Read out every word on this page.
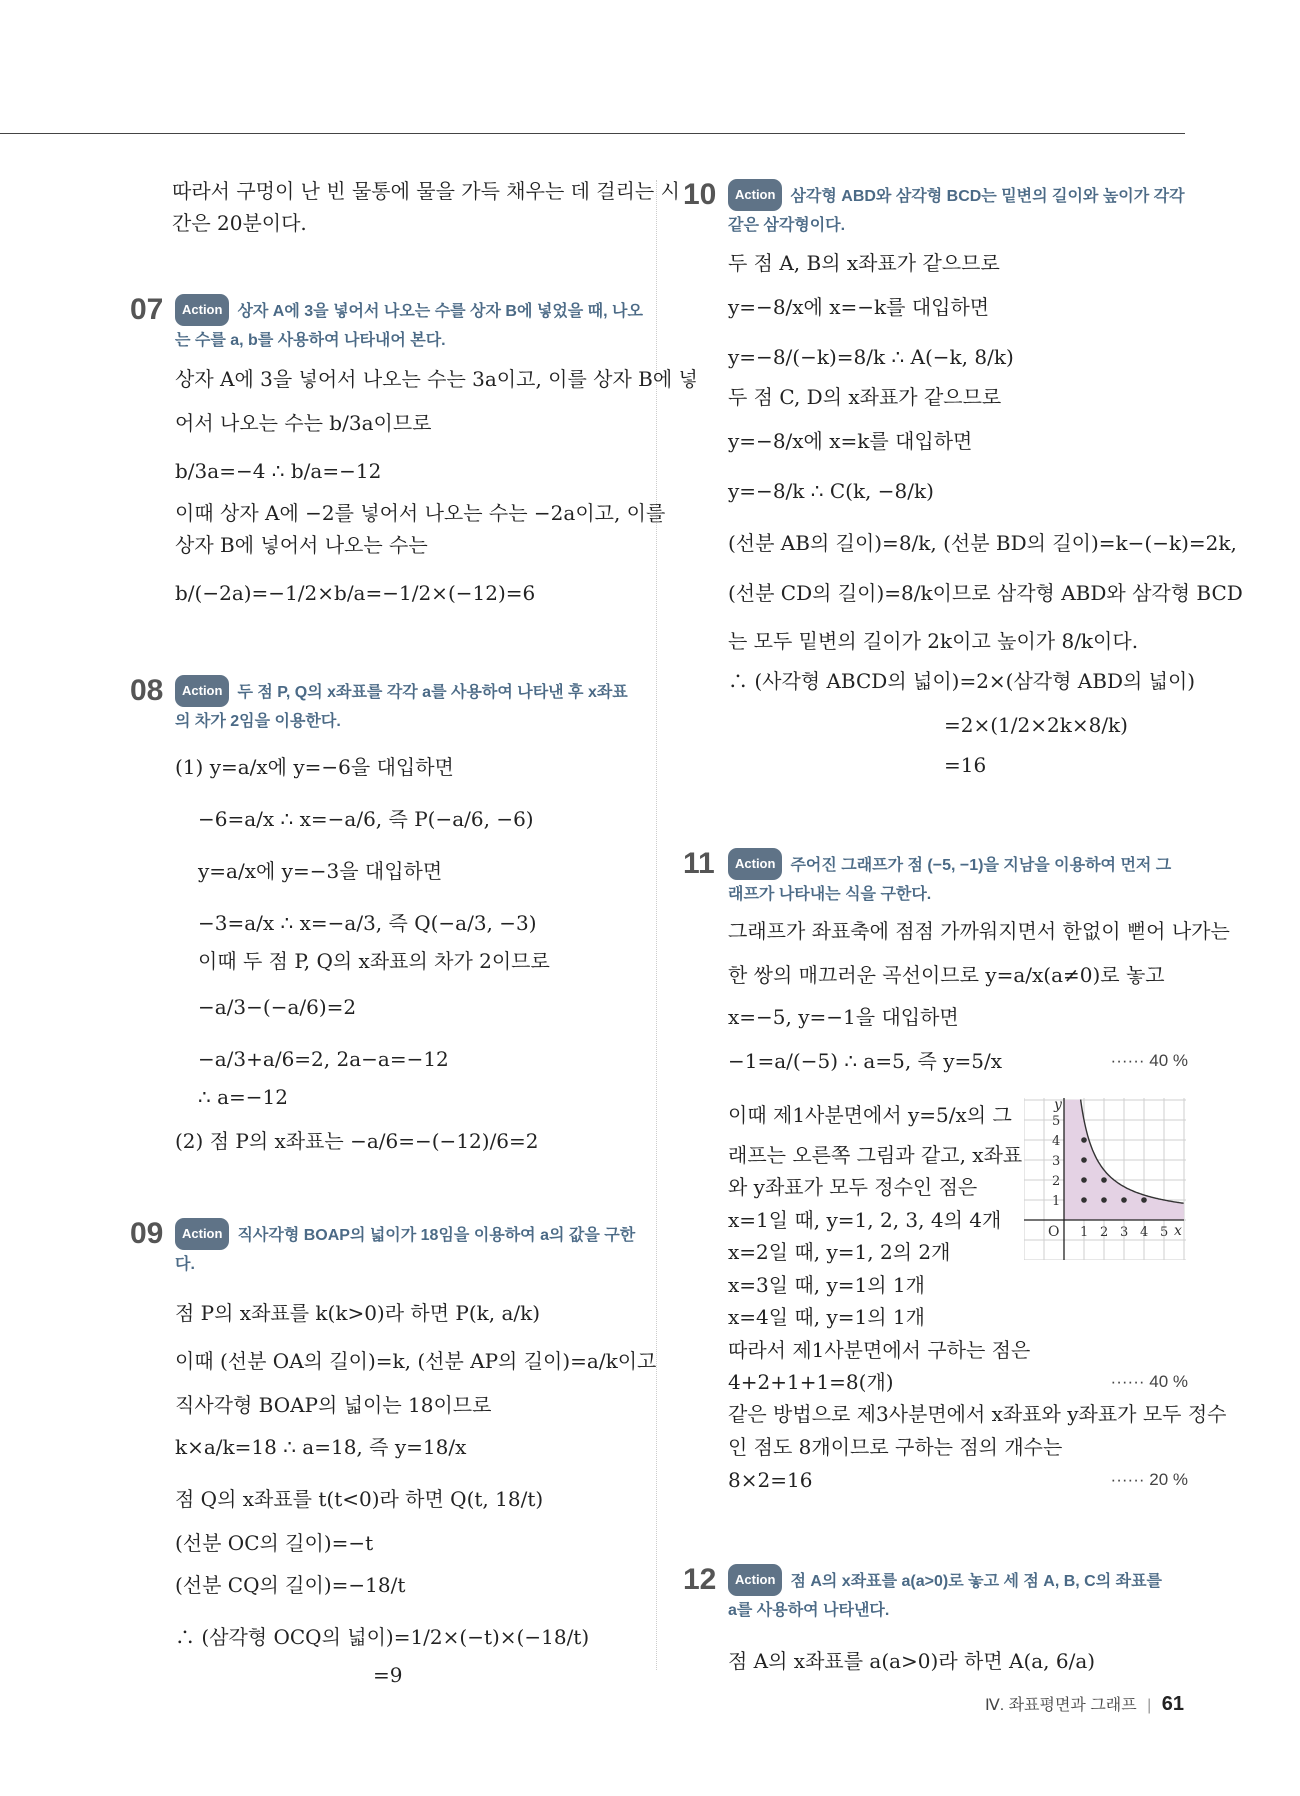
따라서 구멍이 난 빈 물통에 물을 가득 채우는 데 걸리는 시
간은 20분이다.
07	Action 상자 A에 3을 넣어서 나오는 수를 상자 B에 넣었을 때, 나오
는 수를 a, b를 사용하여 나타내어 본다.
상자 A에 3을 넣어서 나오는 수는 3a이고, 이를 상자 B에 넣
어서 나오는 수는 b/3a이므로
b/3a=−4 ∴ b/a=−12
이때 상자 A에 −2를 넣어서 나오는 수는 −2a이고, 이를
상자 B에 넣어서 나오는 수는
b/(−2a)=−1/2×b/a=−1/2×(−12)=6
08	Action 두 점 P, Q의 x좌표를 각각 a를 사용하여 나타낸 후 x좌표
의 차가 2임을 이용한다.
(1) y=a/x에 y=−6을 대입하면
−6=a/x ∴ x=−a/6, 즉 P(−a/6, −6)
y=a/x에 y=−3을 대입하면
−3=a/x ∴ x=−a/3, 즉 Q(−a/3, −3)
이때 두 점 P, Q의 x좌표의 차가 2이므로
−a/3−(−a/6)=2
−a/3+a/6=2, 2a−a=−12
∴ a=−12
(2) 점 P의 x좌표는 −a/6=−(−12)/6=2
09	Action 직사각형 BOAP의 넓이가 18임을 이용하여 a의 값을 구한
다.
점 P의 x좌표를 k(k>0)라 하면 P(k, a/k)
이때 (선분 OA의 길이)=k, (선분 AP의 길이)=a/k이고
직사각형 BOAP의 넓이는 18이므로
k×a/k=18 ∴ a=18, 즉 y=18/x
점 Q의 x좌표를 t(t<0)라 하면 Q(t, 18/t)
(선분 OC의 길이)=−t
(선분 CQ의 길이)=−18/t
∴ (삼각형 OCQ의 넓이)=1/2×(−t)×(−18/t)
=9
10	Action 삼각형 ABD와 삼각형 BCD는 밑변의 길이와 높이가 각각
같은 삼각형이다.
두 점 A, B의 x좌표가 같으므로
y=−8/x에 x=−k를 대입하면
y=−8/(−k)=8/k ∴ A(−k, 8/k)
두 점 C, D의 x좌표가 같으므로
y=−8/x에 x=k를 대입하면
y=−8/k ∴ C(k, −8/k)
(선분 AB의 길이)=8/k, (선분 BD의 길이)=k−(−k)=2k,
(선분 CD의 길이)=8/k이므로 삼각형 ABD와 삼각형 BCD
는 모두 밑변의 길이가 2k이고 높이가 8/k이다.
∴ (사각형 ABCD의 넓이)=2×(삼각형 ABD의 넓이)
=2×(1/2×2k×8/k)
=16
11	Action 주어진 그래프가 점 (−5, −1)을 지남을 이용하여 먼저 그
래프가 나타내는 식을 구한다.
그래프가 좌표축에 점점 가까워지면서 한없이 뻗어 나가는
한 쌍의 매끄러운 곡선이므로 y=a/x(a≠0)로 놓고
x=−5, y=−1을 대입하면
−1=a/(−5) ∴ a=5, 즉 y=5/x	······ 40 %
이때 제1사분면에서 y=5/x의 그
래프는 오른쪽 그림과 같고, x좌표
와 y좌표가 모두 정수인 점은
x=1일 때, y=1, 2, 3, 4의 4개
x=2일 때, y=1, 2의 2개
x=3일 때, y=1의 1개
x=4일 때, y=1의 1개
따라서 제1사분면에서 구하는 점은
4+2+1+1=8(개)	······ 40 %
같은 방법으로 제3사분면에서 x좌표와 y좌표가 모두 정수
인 점도 8개이므로 구하는 점의 개수는
8×2=16	······ 20 %
1 2 3 4 5
1
2
3
4
5
O	x
y
12	Action 점 A의 x좌표를 a(a>0)로 놓고 세 점 A, B, C의 좌표를
a를 사용하여 나타낸다.
점 A의 x좌표를 a(a>0)라 하면 A(a, 6/a)
Ⅳ. 좌표평면과 그래프 | 61
